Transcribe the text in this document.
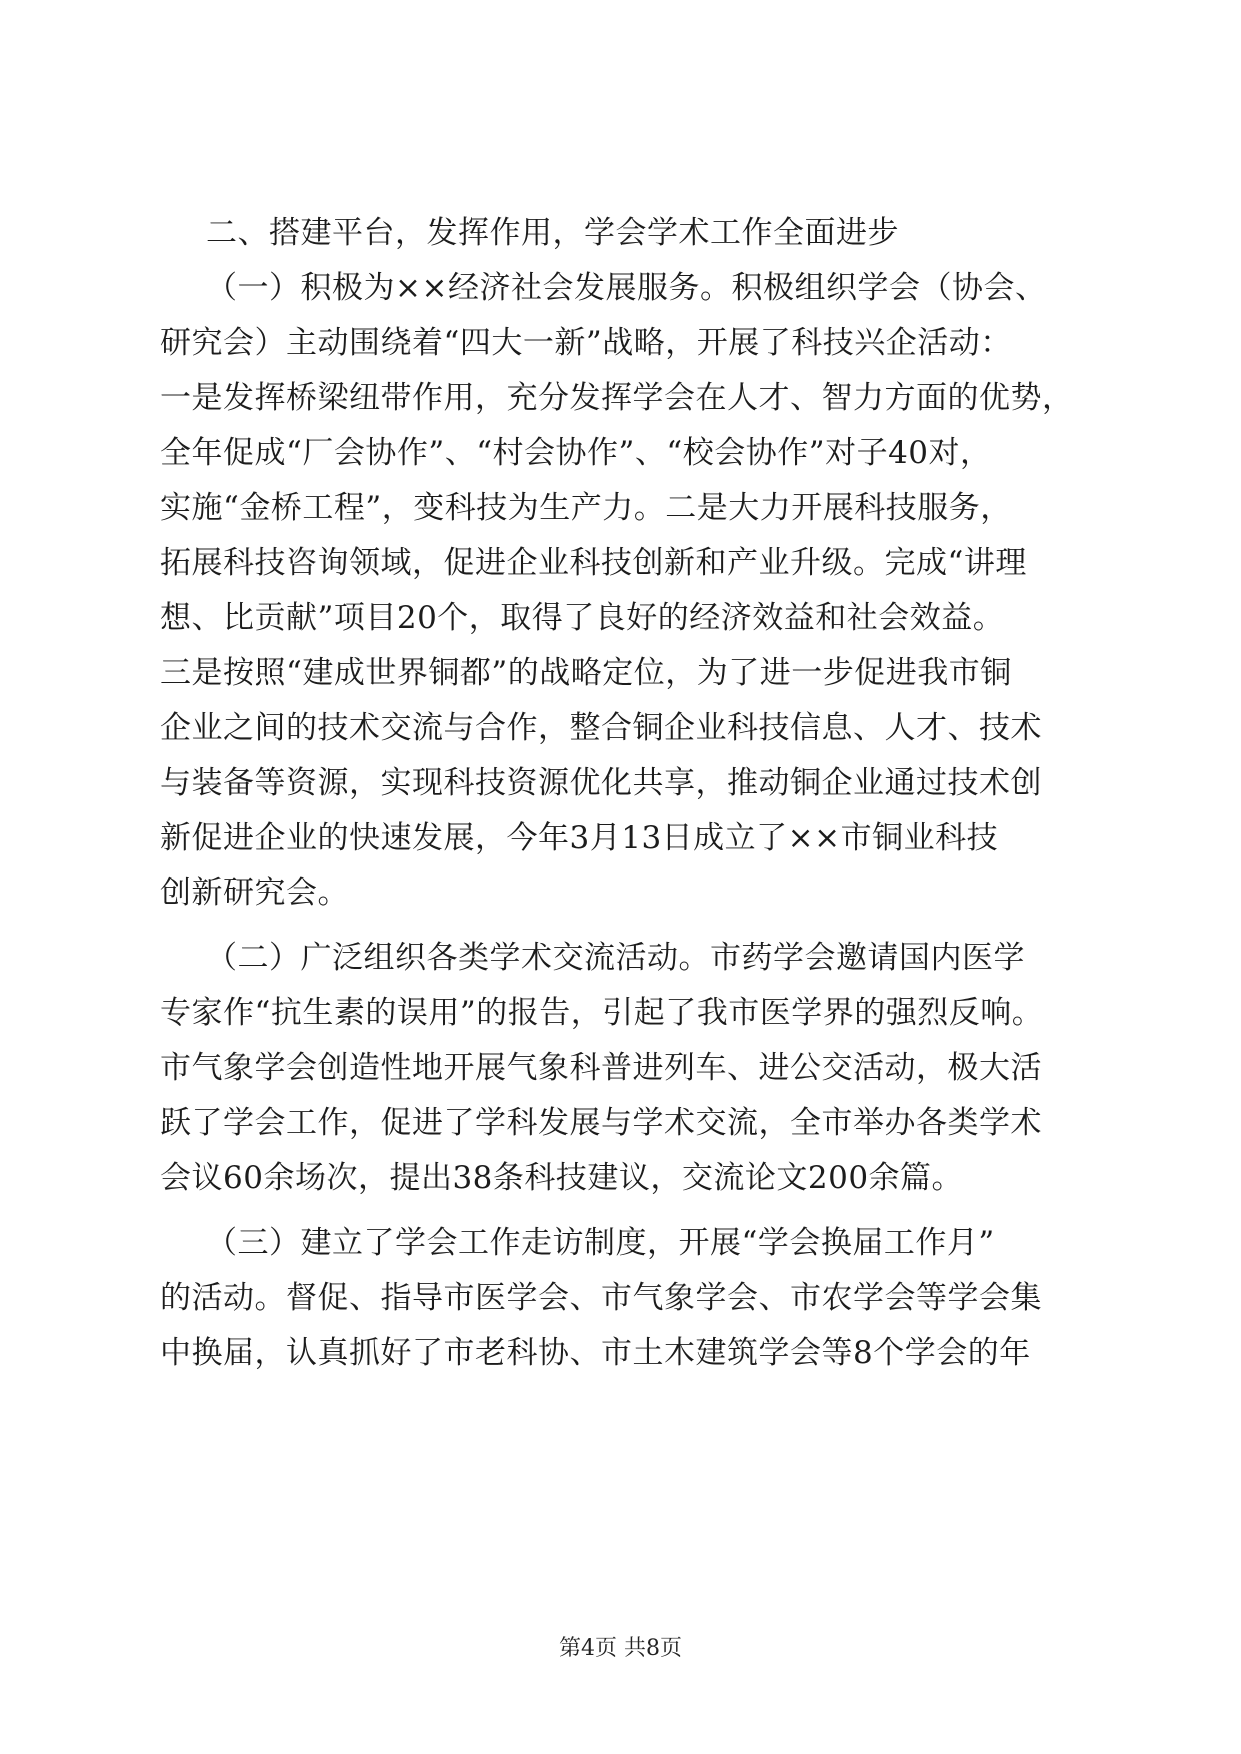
二、搭建平台，发挥作用，学会学术工作全面进步
（一）积极为××经济社会发展服务。积极组织学会（协会、
研究会）主动围绕着“四大一新”战略，开展了科技兴企活动：
一是发挥桥梁纽带作用，充分发挥学会在人才、智力方面的优势，
全年促成“厂会协作”、“村会协作”、“校会协作”对子40对，
实施“金桥工程”，变科技为生产力。二是大力开展科技服务，
拓展科技咨询领域，促进企业科技创新和产业升级。完成“讲理
想、比贡献”项目20个，取得了良好的经济效益和社会效益。
三是按照“建成世界铜都”的战略定位，为了进一步促进我市铜
企业之间的技术交流与合作，整合铜企业科技信息、人才、技术
与装备等资源，实现科技资源优化共享，推动铜企业通过技术创
新促进企业的快速发展，今年3月13日成立了××市铜业科技
创新研究会。
（二）广泛组织各类学术交流活动。市药学会邀请国内医学
专家作“抗生素的误用”的报告，引起了我市医学界的强烈反响。
市气象学会创造性地开展气象科普进列车、进公交活动，极大活
跃了学会工作，促进了学科发展与学术交流，全市举办各类学术
会议60余场次，提出38条科技建议，交流论文200余篇。
（三）建立了学会工作走访制度，开展“学会换届工作月”
的活动。督促、指导市医学会、市气象学会、市农学会等学会集
中换届，认真抓好了市老科协、市土木建筑学会等8个学会的年
第4页 共8页
